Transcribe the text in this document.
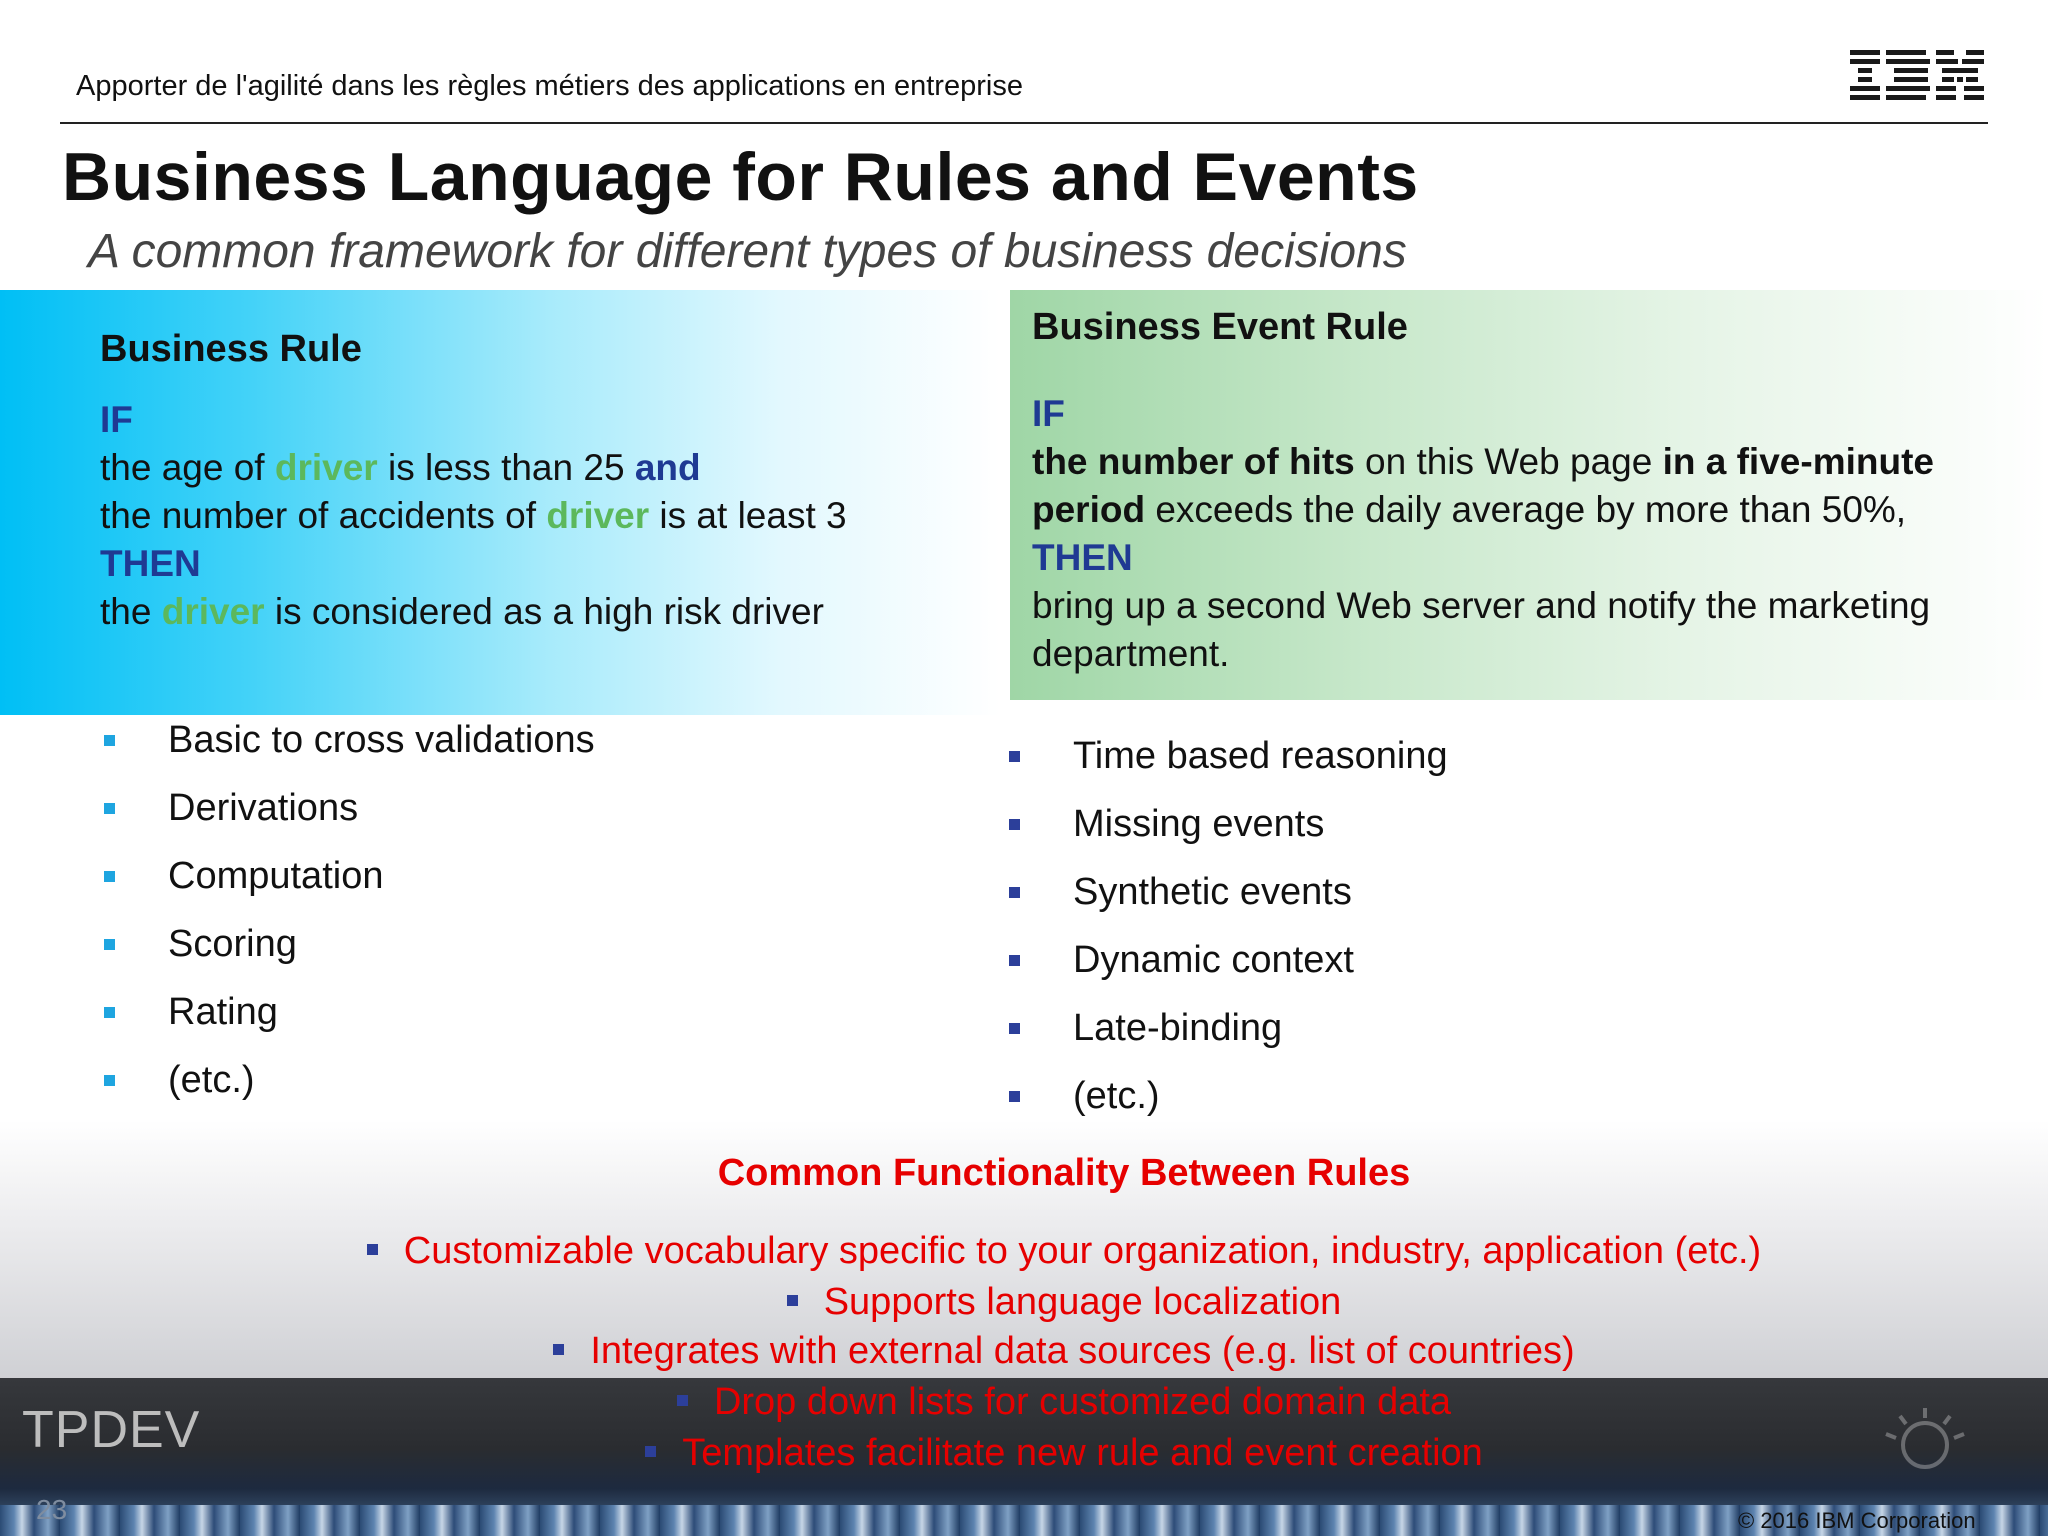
Apporter de l'agilité dans les règles métiers des applications en entreprise
Business Language for Rules and Events
A common framework for different types of business decisions
Business Rule
IF
the age of driver is less than 25 and
the number of accidents of driver is at least 3
THEN
the driver is considered as a high risk driver
Business Event Rule
IF
the number of hits on this Web page in a five-minute
period exceeds the daily average by more than 50%,
THEN
bring up a second Web server and notify the marketing
department.
Basic to cross validations
Derivations
Computation
Scoring
Rating
(etc.)
Time based reasoning
Missing events
Synthetic events
Dynamic context
Late-binding
(etc.)
TPDEV
23	© 2016 IBM Corporation
Common Functionality Between Rules
Customizable vocabulary specific to your organization, industry, application (etc.)
Supports language localization
Integrates with external data sources (e.g. list of countries)
Drop down lists for customized domain data
Templates facilitate new rule and event creation
